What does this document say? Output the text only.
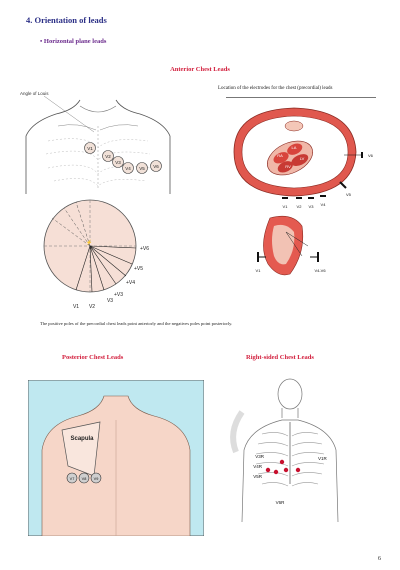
4. Orientation of leads
• Horizontal plane leads
Anterior Chest Leads
Angle of Louis
Location of the electrodes for the chest (precordial) leads
V1
V2
V3
V4 V5 V6
LA
RA
LV
RV
V6
V5
V1 V2 V3 V4
⚡
+V6
+V5
+V4
+V3
V1 V2
V3
V1	V4-V6
The positive poles of the precordial chest leads point anteriorly and the negatives poles point posteriorly.
Posterior Chest Leads	Right-sided Chest Leads
Scapula
V7 V8 V9
V3R
V4R
V5R
V1R
V6R
6
